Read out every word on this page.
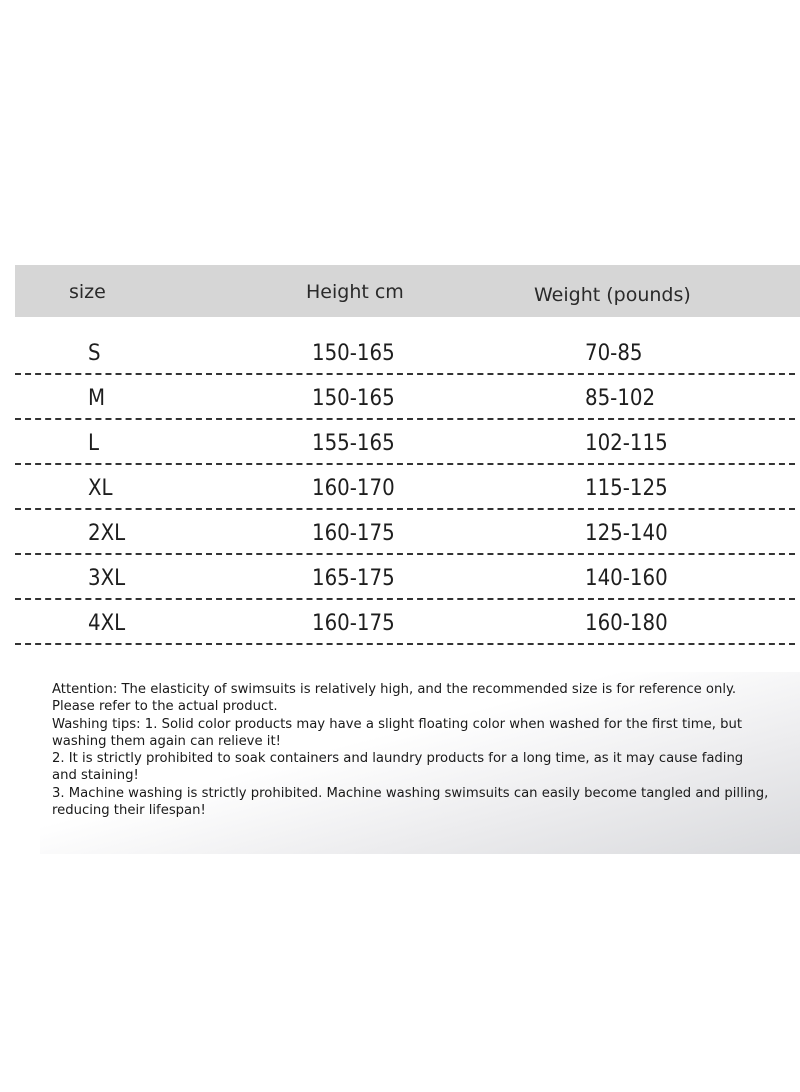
size	Height cm	Weight (pounds)
S	150-165	70-85
M	150-165	85-102
L	155-165	102-115
XL	160-170	115-125
2XL	160-175	125-140
3XL	165-175	140-160
4XL	160-175	160-180

Attention: The elasticity of swimsuits is relatively high, and the recommended size is for reference only. Please refer to the actual product.

Washing tips: 1. Solid color products may have a slight floating color when washed for the first time, but washing them again can relieve it!

2. It is strictly prohibited to soak containers and laundry products for a long time, as it may cause fading and staining!

3. Machine washing is strictly prohibited. Machine washing swimsuits can easily become tangled and pilling, reducing their lifespan!
